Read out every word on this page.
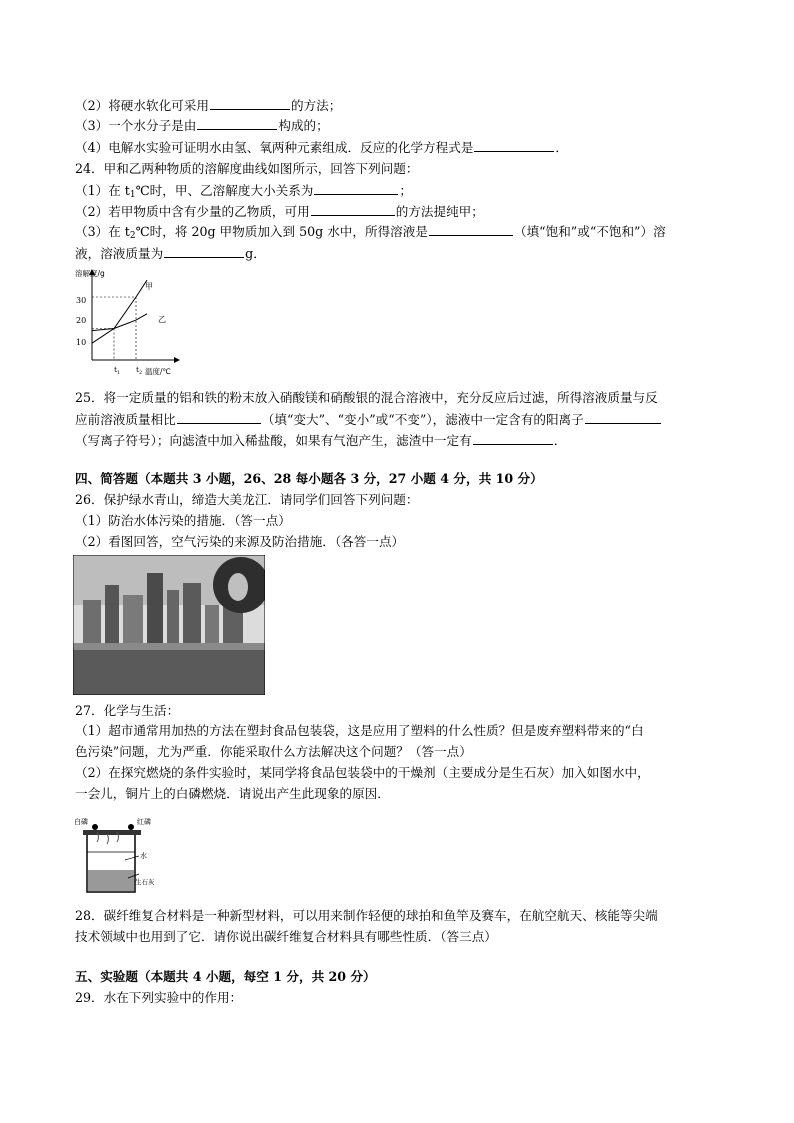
（2）将硬水软化可采用	的方法；
（3）一个水分子是由	构成的；
（4）电解水实验可证明水由氢、氧两种元素组成．反应的化学方程式是	．
24．甲和乙两种物质的溶解度曲线如图所示，回答下列问题：
（1）在 $t_1℃$时，甲、乙溶解度大小关系为	；
（2）若甲物质中含有少量的乙物质，可用	的方法提纯甲；
（3）在 $t_2℃$时，将 20g 甲物质加入到 50g 水中，所得溶液是	（填“饱和”或“不饱和”）溶
液，溶液质量为	g．
溶解度/g
温度/℃
30
20
10
甲
乙
$t_1$ $t_2$
25．将一定质量的铝和铁的粉末放入硝酸镁和硝酸银的混合溶液中，充分反应后过滤，所得溶液质量与反
应前溶液质量相比	（填“变大”、“变小”或“不变”），滤液中一定含有的阳离子
（写离子符号）；向滤渣中加入稀盐酸，如果有气泡产生，滤渣中一定有	．
四、简答题（本题共 3 小题，26、28 每小题各 3 分，27 小题 4 分，共 10 分）
26．保护绿水青山，缔造大美龙江．请同学们回答下列问题：
（1）防治水体污染的措施．（答一点）
（2）看图回答，空气污染的来源及防治措施．（各答一点）
27．化学与生活：
（1）超市通常用加热的方法在塑封食品包装袋，这是应用了塑料的什么性质？但是废弃塑料带来的“白
色污染”问题，尤为严重．你能采取什么方法解决这个问题？（答一点）
（2）在探究燃烧的条件实验时，某同学将食品包装袋中的干燥剂（主要成分是生石灰）加入如图水中，
一会儿，铜片上的白磷燃烧．请说出产生此现象的原因．
白磷	红磷
水
生石灰
28．碳纤维复合材料是一种新型材料，可以用来制作轻便的球拍和鱼竿及赛车，在航空航天、核能等尖端
技术领域中也用到了它．请你说出碳纤维复合材料具有哪些性质．（答三点）
五、实验题（本题共 4 小题，每空 1 分，共 20 分）
29．水在下列实验中的作用：
